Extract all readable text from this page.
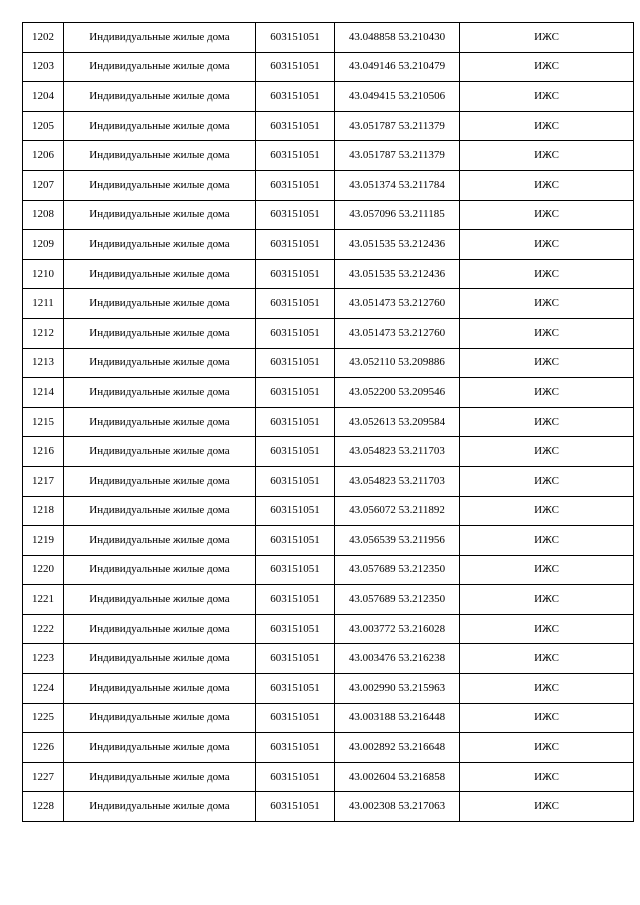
1202	Индивидуальные жилые дома	603151051	43.048858 53.210430	ИЖС
1203	Индивидуальные жилые дома	603151051	43.049146 53.210479	ИЖС
1204	Индивидуальные жилые дома	603151051	43.049415 53.210506	ИЖС
1205	Индивидуальные жилые дома	603151051	43.051787 53.211379	ИЖС
1206	Индивидуальные жилые дома	603151051	43.051787 53.211379	ИЖС
1207	Индивидуальные жилые дома	603151051	43.051374 53.211784	ИЖС
1208	Индивидуальные жилые дома	603151051	43.057096 53.211185	ИЖС
1209	Индивидуальные жилые дома	603151051	43.051535 53.212436	ИЖС
1210	Индивидуальные жилые дома	603151051	43.051535 53.212436	ИЖС
1211	Индивидуальные жилые дома	603151051	43.051473 53.212760	ИЖС
1212	Индивидуальные жилые дома	603151051	43.051473 53.212760	ИЖС
1213	Индивидуальные жилые дома	603151051	43.052110 53.209886	ИЖС
1214	Индивидуальные жилые дома	603151051	43.052200 53.209546	ИЖС
1215	Индивидуальные жилые дома	603151051	43.052613 53.209584	ИЖС
1216	Индивидуальные жилые дома	603151051	43.054823 53.211703	ИЖС
1217	Индивидуальные жилые дома	603151051	43.054823 53.211703	ИЖС
1218	Индивидуальные жилые дома	603151051	43.056072 53.211892	ИЖС
1219	Индивидуальные жилые дома	603151051	43.056539 53.211956	ИЖС
1220	Индивидуальные жилые дома	603151051	43.057689 53.212350	ИЖС
1221	Индивидуальные жилые дома	603151051	43.057689 53.212350	ИЖС
1222	Индивидуальные жилые дома	603151051	43.003772 53.216028	ИЖС
1223	Индивидуальные жилые дома	603151051	43.003476 53.216238	ИЖС
1224	Индивидуальные жилые дома	603151051	43.002990 53.215963	ИЖС
1225	Индивидуальные жилые дома	603151051	43.003188 53.216448	ИЖС
1226	Индивидуальные жилые дома	603151051	43.002892 53.216648	ИЖС
1227	Индивидуальные жилые дома	603151051	43.002604 53.216858	ИЖС
1228	Индивидуальные жилые дома	603151051	43.002308 53.217063	ИЖС
